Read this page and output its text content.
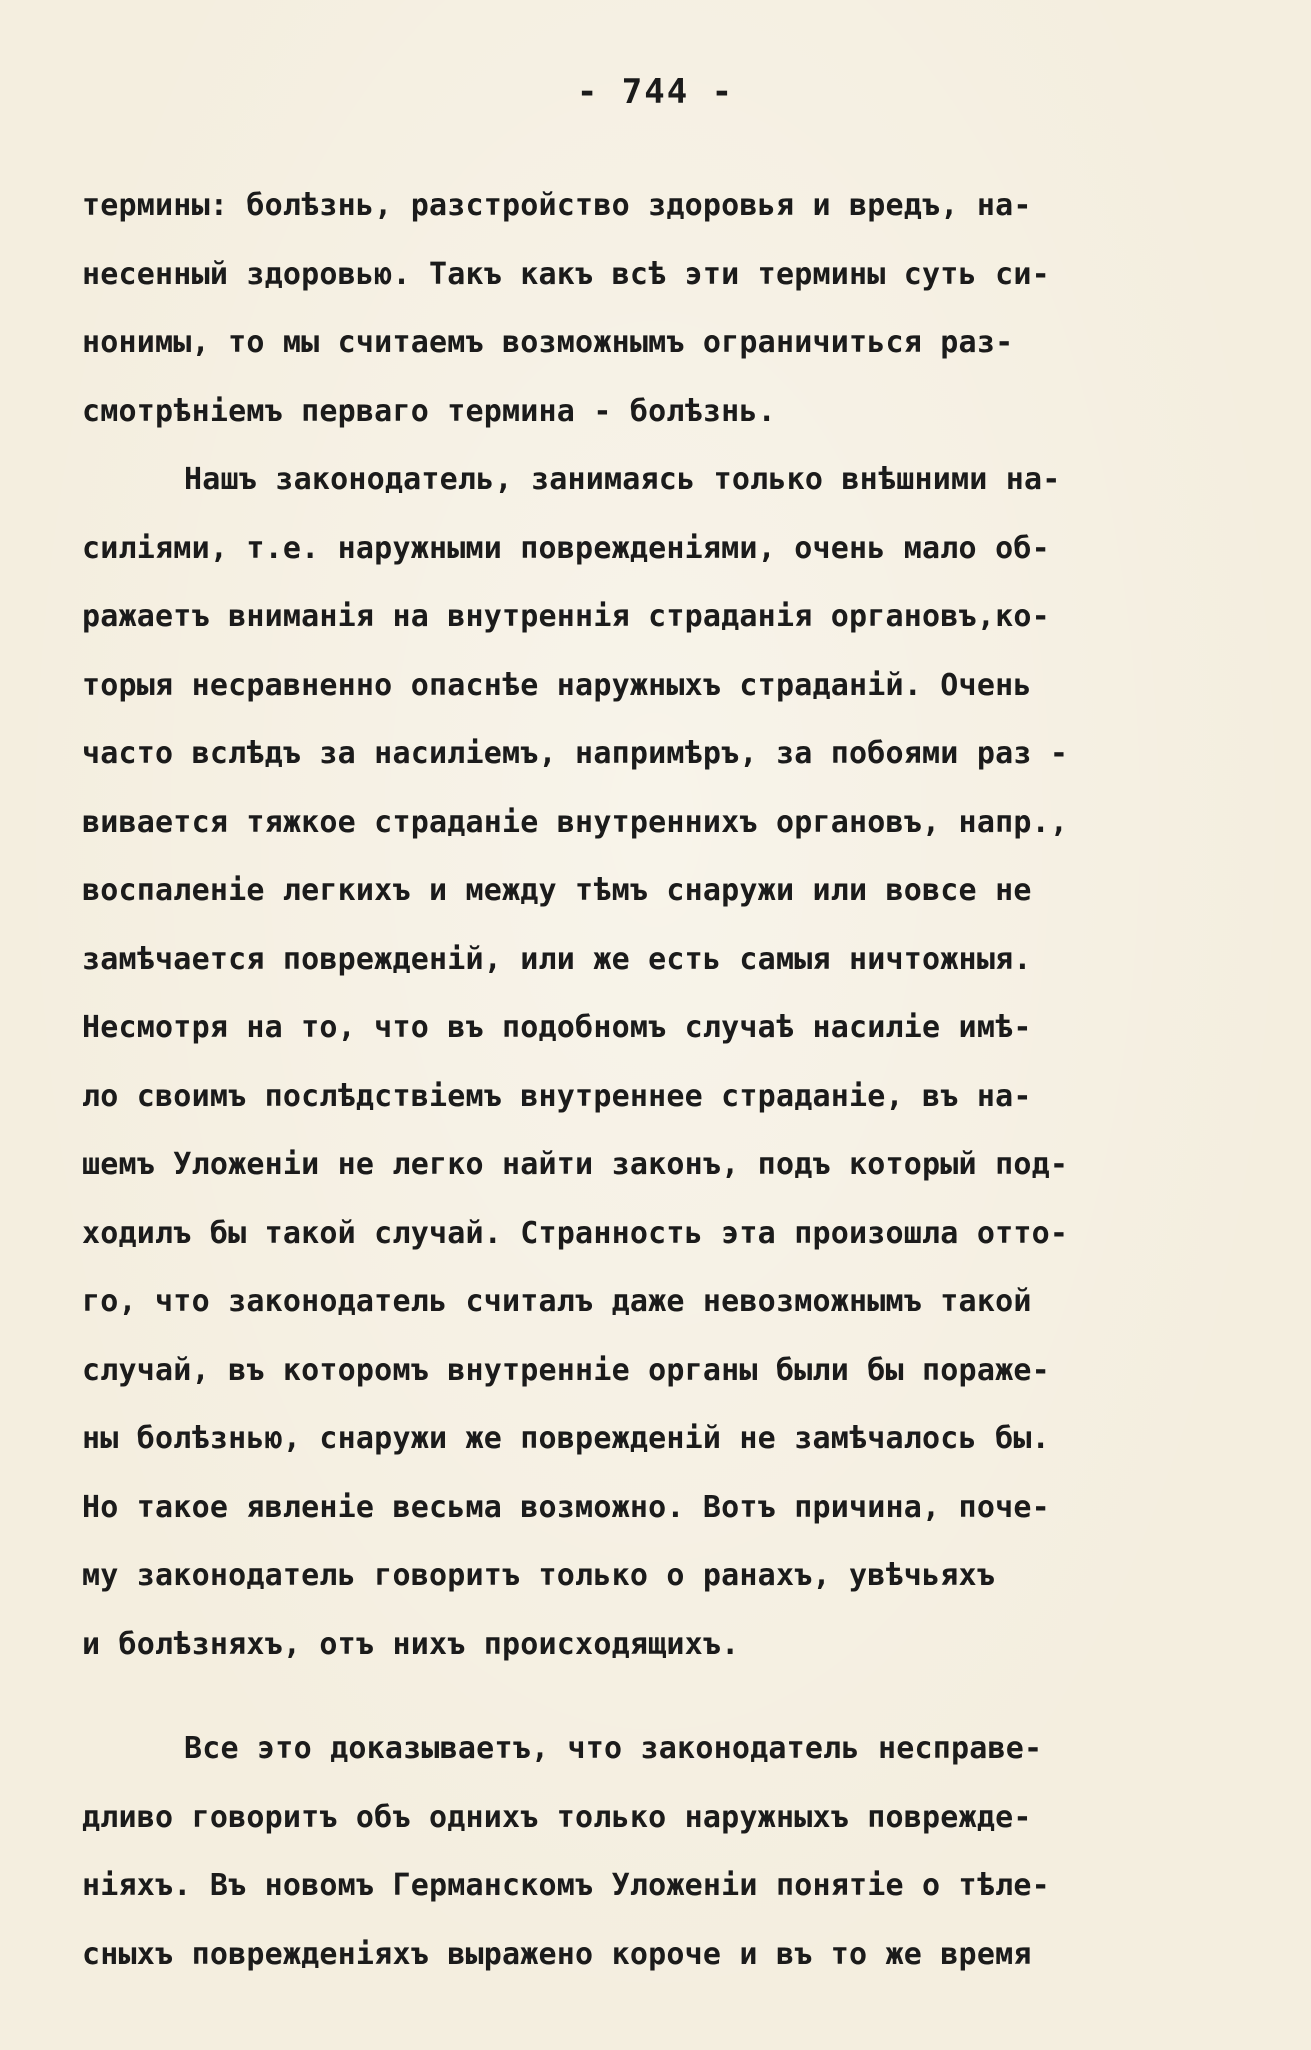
- 744 -
термины: болѣзнь, разстройство здоровья и вредъ, на-
несенный здоровью. Такъ какъ всѣ эти термины суть си-
нонимы, то мы считаемъ возможнымъ ограничиться раз-
смотрѣніемъ перваго термина - болѣзнь.
Нашъ законодатель, занимаясь только внѣшними на-
силіями, т.е. наружными поврежденіями, очень мало об-
ражаетъ вниманія на внутреннія страданія органовъ,ко-
торыя несравненно опаснѣе наружныхъ страданій. Очень
часто вслѣдъ за насиліемъ, напримѣръ, за побоями раз -
вивается тяжкое страданіе внутреннихъ органовъ, напр.,
воспаленіе легкихъ и между тѣмъ снаружи или вовсе не
замѣчается поврежденій, или же есть самыя ничтожныя.
Несмотря на то, что въ подобномъ случаѣ насиліе имѣ-
ло своимъ послѣдствіемъ внутреннее страданіе, въ на-
шемъ Уложеніи не легко найти законъ, подъ который под-
ходилъ бы такой случай. Странность эта произошла отто-
го, что законодатель считалъ даже невозможнымъ такой
случай, въ которомъ внутренніе органы были бы пораже-
ны болѣзнью, снаружи же поврежденій не замѣчалось бы.
Но такое явленіе весьма возможно. Вотъ причина, поче-
му законодатель говоритъ только о ранахъ, увѣчьяхъ
и болѣзняхъ, отъ нихъ происходящихъ.
Все это доказываетъ, что законодатель несправе-
дливо говоритъ объ однихъ только наружныхъ поврежде-
ніяхъ. Въ новомъ Германскомъ Уложеніи понятіе о тѣле-
сныхъ поврежденіяхъ выражено короче и въ то же время
